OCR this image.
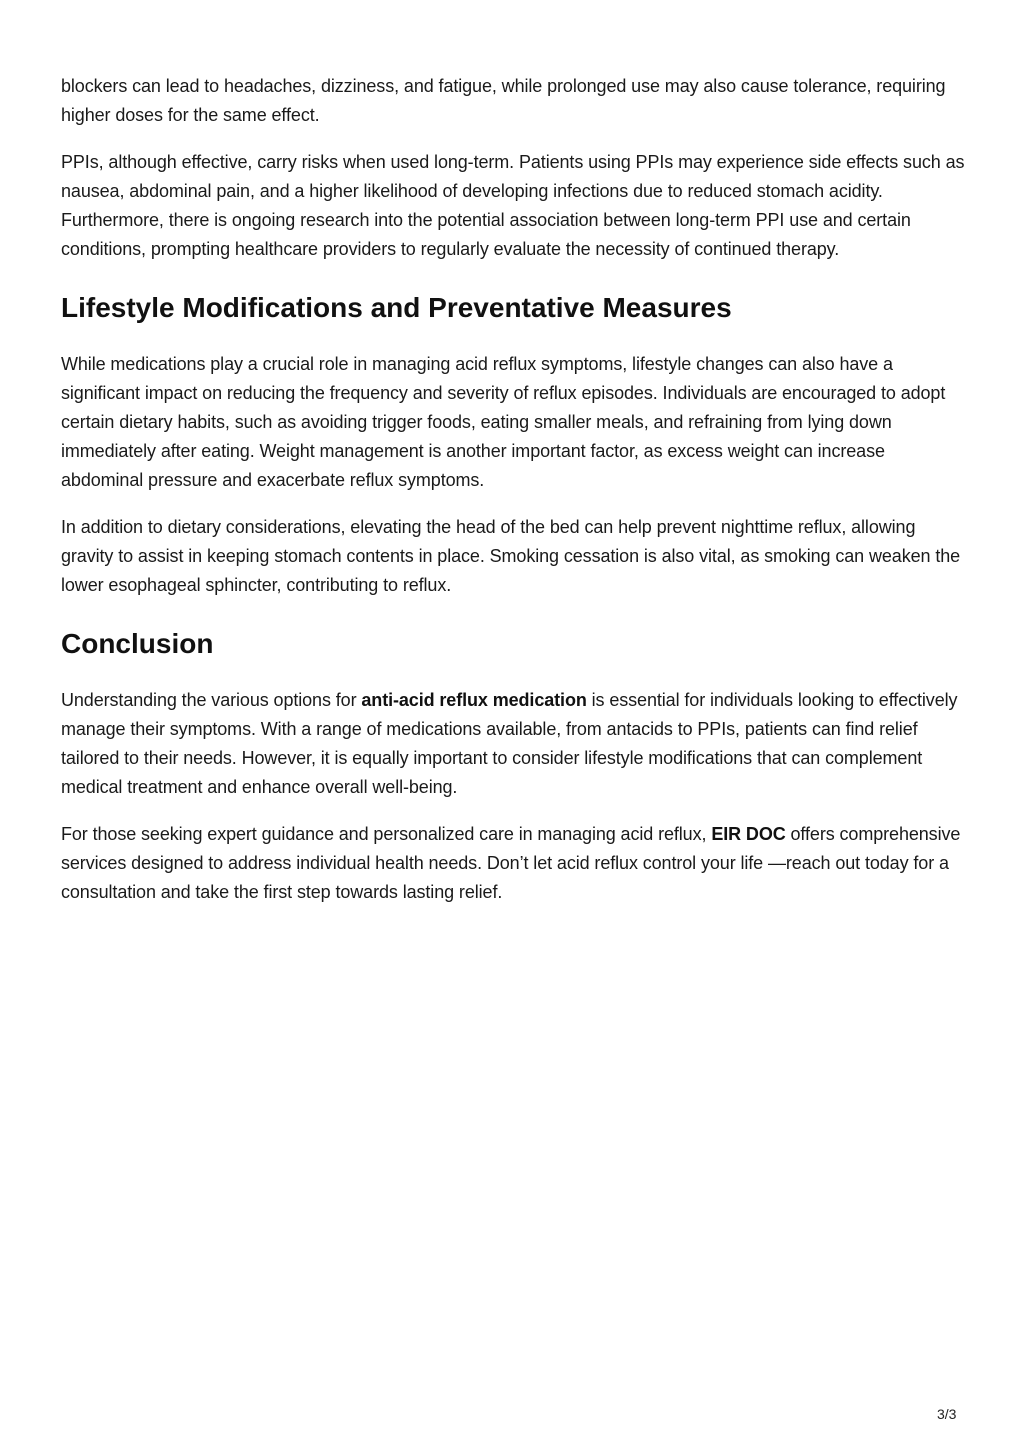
blockers can lead to headaches, dizziness, and fatigue, while prolonged use may also cause tolerance, requiring higher doses for the same effect.

PPIs, although effective, carry risks when used long-term. Patients using PPIs may experience side effects such as nausea, abdominal pain, and a higher likelihood of developing infections due to reduced stomach acidity. Furthermore, there is ongoing research into the potential association between long-term PPI use and certain conditions, prompting healthcare providers to regularly evaluate the necessity of continued therapy.

Lifestyle Modifications and Preventative Measures

While medications play a crucial role in managing acid reflux symptoms, lifestyle changes can also have a significant impact on reducing the frequency and severity of reflux episodes. Individuals are encouraged to adopt certain dietary habits, such as avoiding trigger foods, eating smaller meals, and refraining from lying down immediately after eating. Weight management is another important factor, as excess weight can increase abdominal pressure and exacerbate reflux symptoms.

In addition to dietary considerations, elevating the head of the bed can help prevent nighttime reflux, allowing gravity to assist in keeping stomach contents in place. Smoking cessation is also vital, as smoking can weaken the lower esophageal sphincter, contributing to reflux.

Conclusion

Understanding the various options for anti-acid reflux medication is essential for individuals looking to effectively manage their symptoms. With a range of medications available, from antacids to PPIs, patients can find relief tailored to their needs. However, it is equally important to consider lifestyle modifications that can complement medical treatment and enhance overall well-being.

For those seeking expert guidance and personalized care in managing acid reflux, EIR DOC offers comprehensive services designed to address individual health needs. Don’t let acid reflux control your life —reach out today for a consultation and take the first step towards lasting relief.

3/3
